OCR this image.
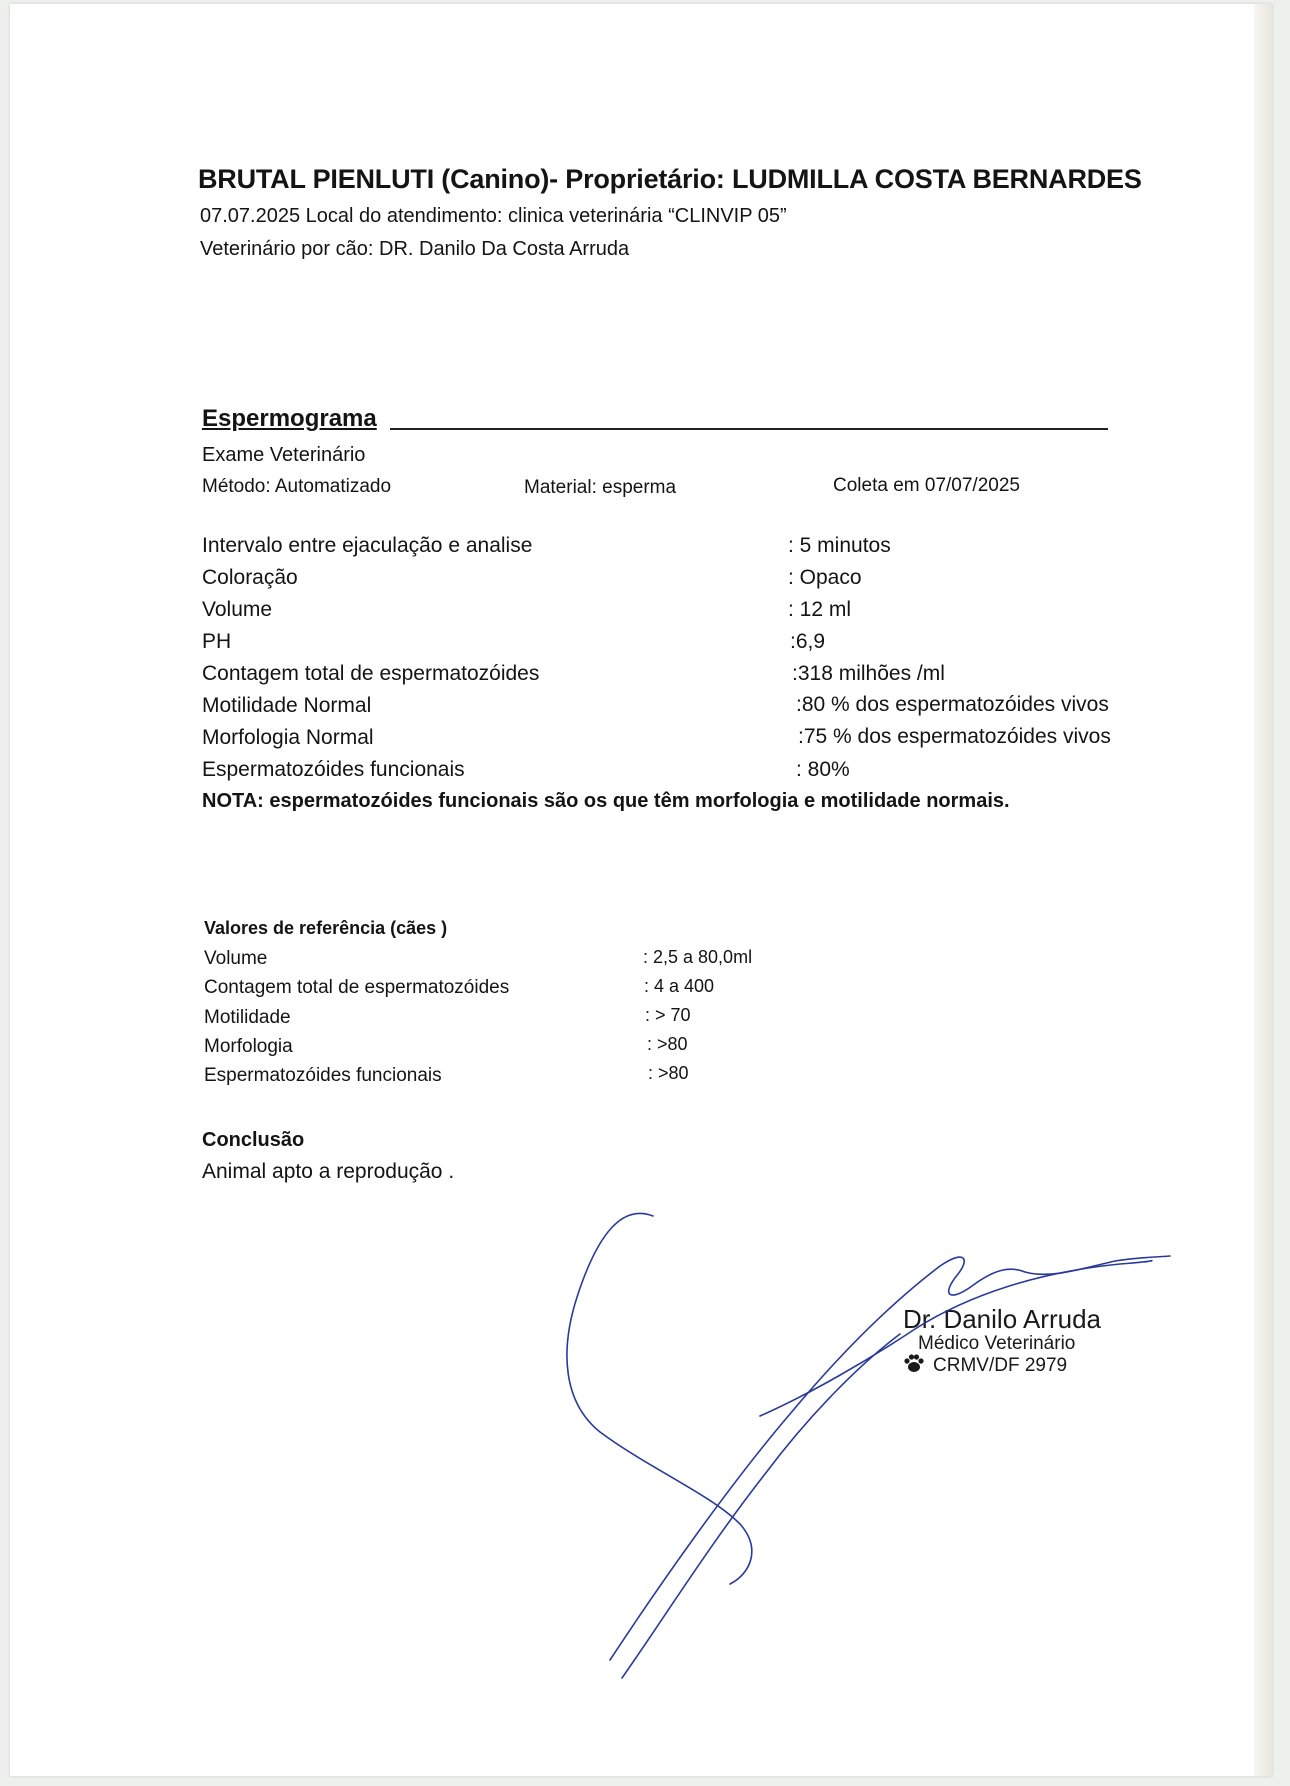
BRUTAL PIENLUTI (Canino)- Proprietário: LUDMILLA COSTA BERNARDES
07.07.2025 Local do atendimento: clinica veterinária “CLINVIP 05”
Veterinário por cão: DR. Danilo Da Costa Arruda
Espermograma
Exame Veterinário
Método: Automatizado	Material: esperma	Coleta em 07/07/2025
Intervalo entre ejaculação e analise	: 5 minutos
Coloração	: Opaco
Volume	: 12 ml
PH	:6,9
Contagem total de espermatozóides	:318 milhões /ml
Motilidade Normal	:80 % dos espermatozóides vivos
Morfologia Normal	:75 % dos espermatozóides vivos
Espermatozóides funcionais	: 80%
NOTA: espermatozóides funcionais são os que têm morfologia e motilidade normais.
Valores de referência (cães )
Volume	: 2,5 a 80,0ml
Contagem total de espermatozóides	: 4 a 400
Motilidade	: > 70
Morfologia	: >80
Espermatozóides funcionais	: >80
Conclusão
Animal apto a reprodução .
Dr. Danilo Arruda
Médico Veterinário
CRMV/DF 2979
